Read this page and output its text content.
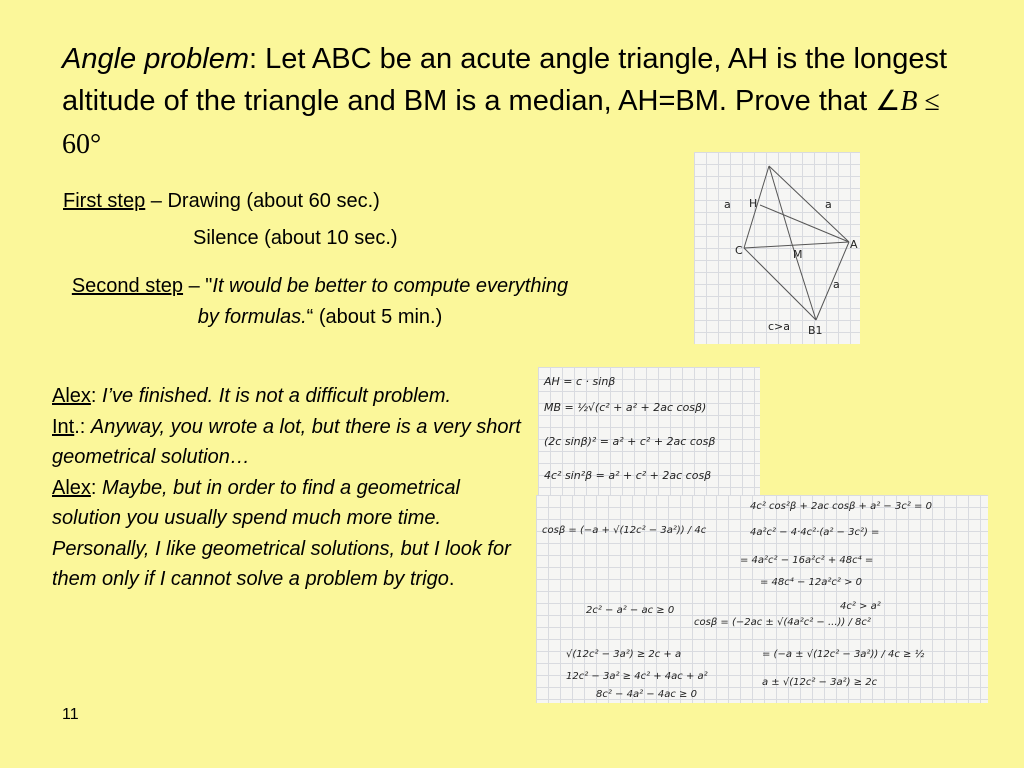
Angle problem: Let ABC be an acute angle triangle, AH is the longest altitude of the triangle and BM is a median, AH=BM. Prove that ∠B ≤ 60°
First step – Drawing (about 60 sec.)
Silence (about 10 sec.)
Second step – "It would be better to compute everything by formulas.“ (about 5 min.)
Alex: I’ve finished. It is not a difficult problem.
Int.: Anyway, you wrote a lot, but there is a very short geometrical solution…
Alex: Maybe, but in order to find a geometrical solution you usually spend much more time. Personally, I like geometrical solutions, but I look for them only if I cannot solve a problem by trigo.
a H	a
C	M
A
a
c>a B1
AH = c · sinβ
MB = ½√(c² + a² + 2ac cosβ)
(2c sinβ)² = a² + c² + 2ac cosβ
4c² sin²β = a² + c² + 2ac cosβ
4c² cos²β + 2ac cosβ + a² − 3c² = 0
cosβ = (−a + √(12c² − 3a²)) / 4c	4a²c² − 4·4c²·(a² − 3c²) =
= 4a²c² − 16a²c² + 48c⁴ =
= 48c⁴ − 12a²c² > 0
4c² > a²
2c² − a² − ac ≥ 0
cosβ = (−2ac ± √(4a²c² − ...)) / 8c²
√(12c² − 3a²) ≥ 2c + a	= (−a ± √(12c² − 3a²)) / 4c ≥ ½
12c² − 3a² ≥ 4c² + 4ac + a²
a ± √(12c² − 3a²) ≥ 2c
8c² − 4a² − 4ac ≥ 0
11
